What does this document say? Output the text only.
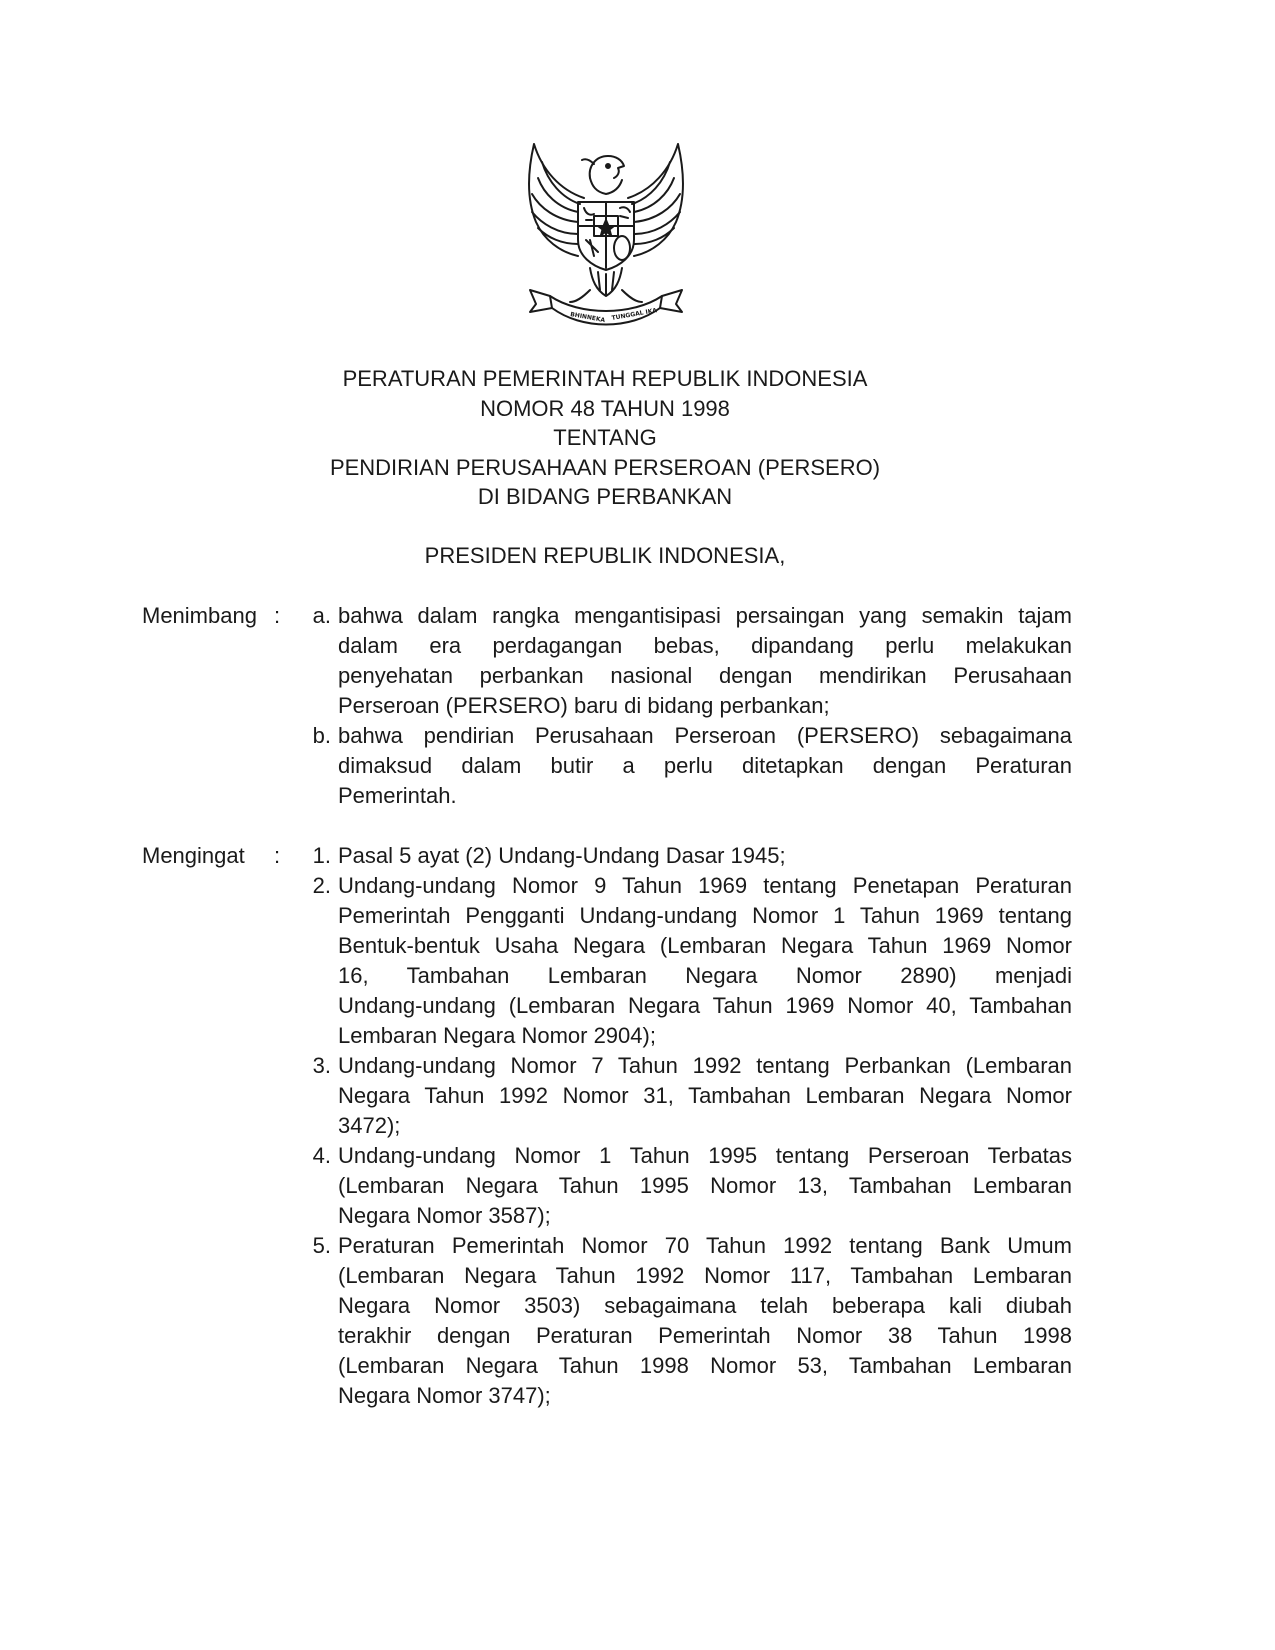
BHINNEKA TUNGGAL IKA
PERATURAN PEMERINTAH REPUBLIK INDONESIA
NOMOR 48 TAHUN 1998
TENTANG
PENDIRIAN PERUSAHAAN PERSEROAN (PERSERO)
DI BIDANG PERBANKAN
PRESIDEN REPUBLIK INDONESIA,
Menimbang :	a. bahwa dalam rangka mengantisipasi persaingan yang semakin tajam
dalam era perdagangan bebas, dipandang perlu melakukan
penyehatan perbankan nasional dengan mendirikan Perusahaan
Perseroan (PERSERO) baru di bidang perbankan;
b. bahwa pendirian Perusahaan Perseroan (PERSERO) sebagaimana
dimaksud dalam butir a perlu ditetapkan dengan Peraturan
Pemerintah.
Mengingat :	1. Pasal 5 ayat (2) Undang-Undang Dasar 1945;
2. Undang-undang Nomor 9 Tahun 1969 tentang Penetapan Peraturan
Pemerintah Pengganti Undang-undang Nomor 1 Tahun 1969 tentang
Bentuk-bentuk Usaha Negara (Lembaran Negara Tahun 1969 Nomor
16, Tambahan Lembaran Negara Nomor 2890) menjadi
Undang-undang (Lembaran Negara Tahun 1969 Nomor 40, Tambahan
Lembaran Negara Nomor 2904);
3. Undang-undang Nomor 7 Tahun 1992 tentang Perbankan (Lembaran
Negara Tahun 1992 Nomor 31, Tambahan Lembaran Negara Nomor
3472);
4. Undang-undang Nomor 1 Tahun 1995 tentang Perseroan Terbatas
(Lembaran Negara Tahun 1995 Nomor 13, Tambahan Lembaran
Negara Nomor 3587);
5. Peraturan Pemerintah Nomor 70 Tahun 1992 tentang Bank Umum
(Lembaran Negara Tahun 1992 Nomor 117, Tambahan Lembaran
Negara Nomor 3503) sebagaimana telah beberapa kali diubah
terakhir dengan Peraturan Pemerintah Nomor 38 Tahun 1998
(Lembaran Negara Tahun 1998 Nomor 53, Tambahan Lembaran
Negara Nomor 3747);
